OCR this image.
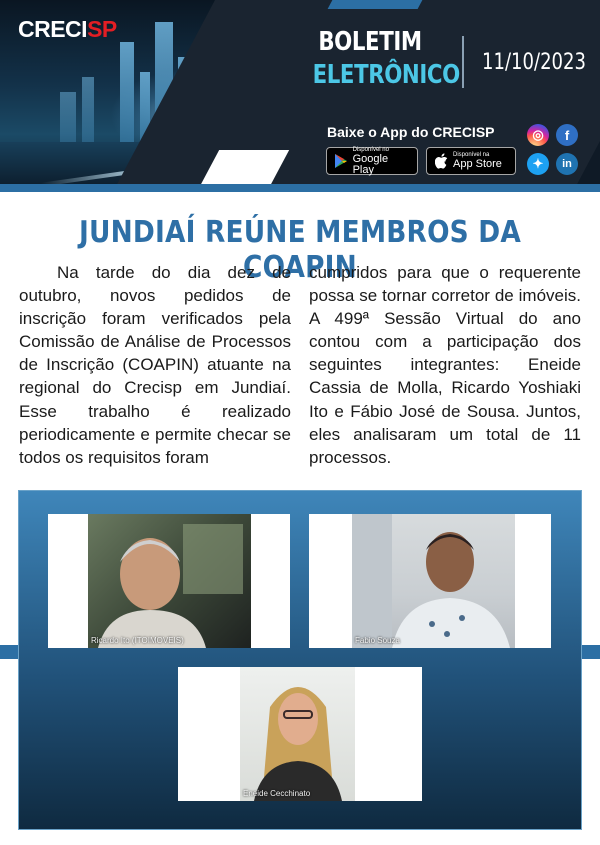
CRECISP	BOLETIM
ELETRÔNICO 11/10/2023
Baixe o App do CRECISP
Disponível no
Google Play
Disponível na
App Store
◎	f
✦	in
JUNDIAÍ REÚNE MEMBROS DA COAPIN

Na tarde do dia dez de outubro, novos pedidos de inscrição foram verificados pela Comissão de Análise de Processos de Inscrição (COAPIN) atuante na regional do Crecisp em Jundiaí. Esse trabalho é realizado periodicamente e permite checar se todos os requisitos foram

cumpridos para que o requerente possa se tornar corretor de imóveis. A 499ª Sessão Virtual do ano contou com a participação dos seguintes integrantes: Eneide Cassia de Molla, Ricardo Yoshiaki Ito e Fábio José de Sousa. Juntos, eles analisaram um total de 11 processos.

Ricardo Ito (ITOIMOVEIS)	Fabio Souza
Eneide Cecchinato
